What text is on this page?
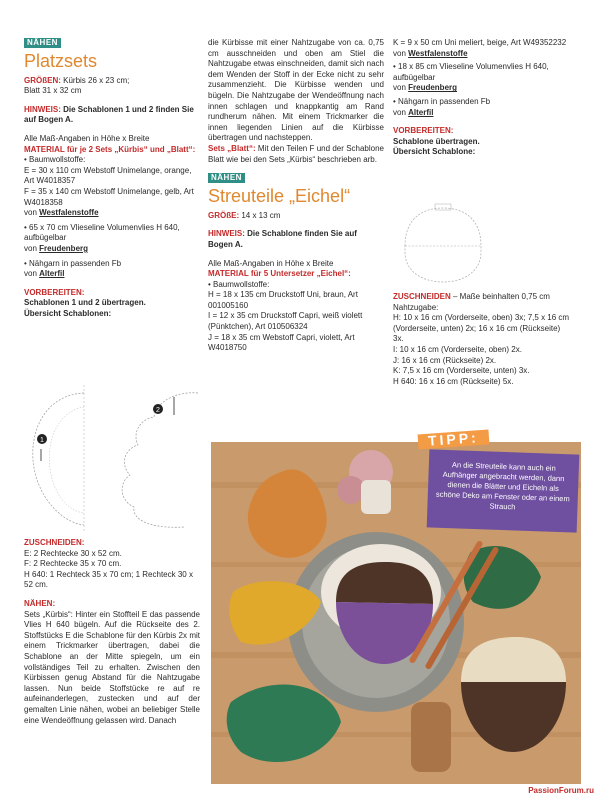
NÄHEN
Platzsets

GRÖßEN: Kürbis 26 x 23 cm;
Blatt 31 x 32 cm

HINWEIS: Die Schablonen 1 und 2 finden Sie auf Bogen A.

Alle Maß-Angaben in Höhe x Breite
MATERIAL für je 2 Sets „Kürbis“ und „Blatt“:
• Baumwollstoffe:
E = 30 x 110 cm Webstoff Unimelange, orange, Art W4018357
F = 35 x 140 cm Webstoff Unimelange, gelb, Art W4018358
von Westfalenstoffe
• 65 x 70 cm Vlieseline Volumenvlies H 640, aufbügelbar
von Freudenberg
• Nähgarn in passenden Fb
von Alterfil
VORBEREITEN:
Schablonen 1 und 2 übertragen.
Übersicht Schablonen:
1
2
ZUSCHNEIDEN:
E: 2 Rechtecke 30 x 52 cm.
F: 2 Rechtecke 35 x 70 cm.
H 640: 1 Rechteck 35 x 70 cm; 1 Rechteck 30 x 52 cm.
NÄHEN:
Sets „Kürbis“: Hinter ein Stoffteil E das passende Vlies H 640 bügeln. Auf die Rückseite des 2. Stoffstücks E die Schablone für den Kürbis 2x mit einem Trickmarker übertragen, dabei die Schablone an der Mitte spiegeln, um ein vollständiges Teil zu erhalten. Zwischen den Kürbissen genug Abstand für die Nahtzugabe lassen. Nun beide Stoffstücke re auf re aufeinanderlegen, zustecken und auf der gemalten Linie nähen, wobei an beliebiger Stelle eine Wendeöffnung gelassen wird. Danach

die Kürbisse mit einer Nahtzugabe von ca. 0,75 cm ausschneiden und oben am Stiel die Nahtzugabe etwas einschneiden, damit sich nach dem Wenden der Stoff in der Ecke nicht zu sehr zusammenzieht. Die Kürbisse wenden und bügeln. Die Nahtzugabe der Wendeöffnung nach innen schlagen und knappkantig am Rand rundherum nähen. Mit einem Trickmarker die innen liegenden Linien auf die Kürbisse übertragen und nachsteppen.

Sets „Blatt“: Mit den Teilen F und der Schablone Blatt wie bei den Sets „Kürbis“ beschrieben arb.

NÄHEN
Streuteile „Eichel“

GRÖßE: 14 x 13 cm

HINWEIS: Die Schablone finden Sie auf Bogen A.

Alle Maß-Angaben in Höhe x Breite
MATERIAL für 5 Untersetzer „Eichel“:
• Baumwollstoffe:
H = 18 x 135 cm Druckstoff Uni, braun, Art 001005160
I = 12 x 35 cm Druckstoff Capri, weiß violett (Pünktchen), Art 010506324
J = 18 x 35 cm Webstoff Capri, violett, Art W4018750
K = 9 x 50 cm Uni meliert, beige, Art W49352232
von Westfalenstoffe
• 18 x 85 cm Vlieseline Volumenvlies H 640, aufbügelbar
von Freudenberg
• Nähgarn in passenden Fb
von Alterfil
VORBEREITEN:
Schablone übertragen.
Übersicht Schablone:
ZUSCHNEIDEN – Maße beinhalten 0,75 cm Nahtzugabe:
H: 10 x 16 cm (Vorderseite, oben) 3x; 7,5 x 16 cm (Vorderseite, unten) 2x; 16 x 16 cm (Rückseite) 3x.
I: 10 x 16 cm (Vorderseite, oben) 2x.
J: 16 x 16 cm (Rückseite) 2x.
K: 7,5 x 16 cm (Vorderseite, unten) 3x.
H 640: 16 x 16 cm (Rückseite) 5x.
An die Streuteile kann auch ein Aufhänger angebracht werden, dann dienen die Blätter und Eicheln als schöne Deko am Fenster oder an einem Strauch
TIPP:
PassionForum.ru
